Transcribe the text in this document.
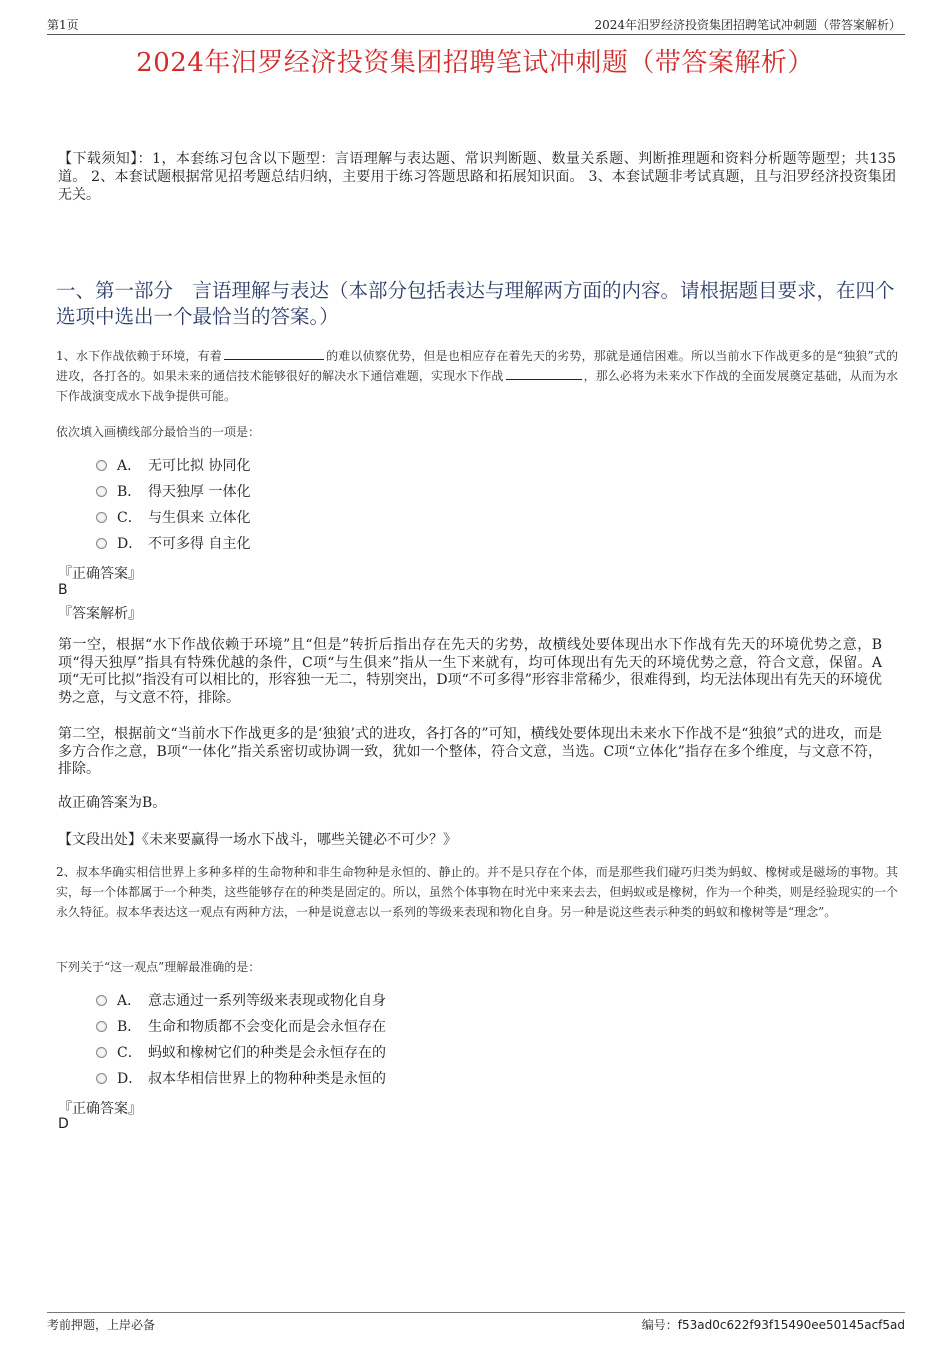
第1页	2024年汨罗经济投资集团招聘笔试冲刺题（带答案解析）
2024年汨罗经济投资集团招聘笔试冲刺题（带答案解析）
【下载须知】：1，本套练习包含以下题型：言语理解与表达题、常识判断题、数量关系题、判断推理题和资料分析题等题型；共135道。 2、本套试题根据常见招考题总结归纳，主要用于练习答题思路和拓展知识面。 3、本套试题非考试真题，且与汨罗经济投资集团无关。
一、第一部分　言语理解与表达（本部分包括表达与理解两方面的内容。请根据题目要求，在四个选项中选出一个最恰当的答案。）
1、水下作战依赖于环境，有着	的难以侦察优势，但是也相应存在着先天的劣势，那就是通信困难。所以当前水下作战更多的是“独狼”式的进攻，各打各的。如果未来的通信技术能够很好的解决水下通信难题，实现水下作战	，那么必将为未来水下作战的全面发展奠定基础，从而为水下作战演变成水下战争提供可能。
依次填入画横线部分最恰当的一项是：
A． 无可比拟 协同化
B． 得天独厚 一体化
C． 与生俱来 立体化
D． 不可多得 自主化
『正确答案』
B
『答案解析』
第一空，根据“水下作战依赖于环境”且“但是”转折后指出存在先天的劣势，故横线处要体现出水下作战有先天的环境优势之意，B项“得天独厚”指具有特殊优越的条件，C项“与生俱来”指从一生下来就有，均可体现出有先天的环境优势之意，符合文意，保留。A项“无可比拟”指没有可以相比的，形容独一无二，特别突出，D项“不可多得”形容非常稀少，很难得到，均无法体现出有先天的环境优势之意，与文意不符，排除。
第二空，根据前文“当前水下作战更多的是‘独狼’式的进攻，各打各的”可知，横线处要体现出未来水下作战不是“独狼”式的进攻，而是多方合作之意，B项“一体化”指关系密切或协调一致，犹如一个整体，符合文意，当选。C项“立体化”指存在多个维度，与文意不符，排除。
故正确答案为B。
【文段出处】《未来要赢得一场水下战斗，哪些关键必不可少？》
2、叔本华确实相信世界上多种多样的生命物种和非生命物种是永恒的、静止的。并不是只存在个体，而是那些我们碰巧归类为蚂蚁、橡树或是磁场的事物。其实，每一个体都属于一个种类，这些能够存在的种类是固定的。所以，虽然个体事物在时光中来来去去，但蚂蚁或是橡树，作为一个种类，则是经验现实的一个永久特征。叔本华表达这一观点有两种方法，一种是说意志以一系列的等级来表现和物化自身。另一种是说这些表示种类的蚂蚁和橡树等是“理念”。
下列关于“这一观点”理解最准确的是：
A． 意志通过一系列等级来表现或物化自身
B． 生命和物质都不会变化而是会永恒存在
C． 蚂蚁和橡树它们的种类是会永恒存在的
D． 叔本华相信世界上的物种种类是永恒的
『正确答案』
D
考前押题，上岸必备	编号：f53ad0c622f93f15490ee50145acf5ad
